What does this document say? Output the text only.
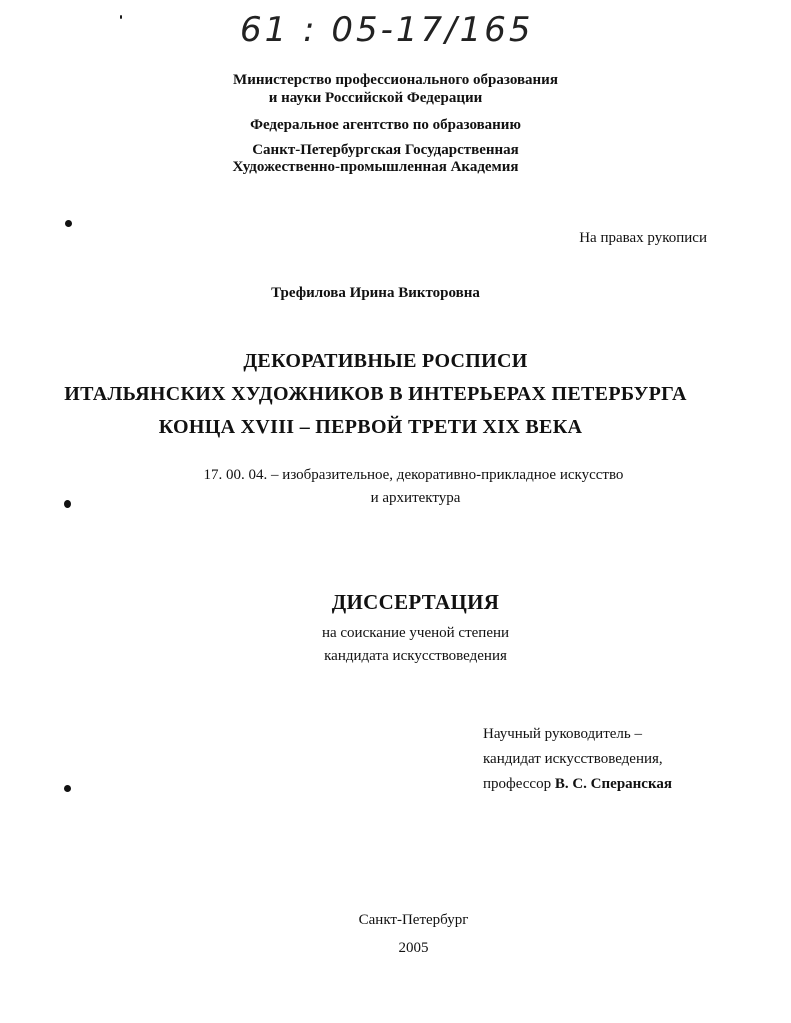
61 : 05-17/165
Министерство профессионального образования
и науки Российской Федерации
Федеральное агентство по образованию
Санкт-Петербургская Государственная
Художественно-промышленная Академия
На правах рукописи
Трефилова Ирина Викторовна
ДЕКОРАТИВНЫЕ РОСПИСИ
ИТАЛЬЯНСКИХ ХУДОЖНИКОВ В ИНТЕРЬЕРАХ ПЕТЕРБУРГА
КОНЦА XVIII – ПЕРВОЙ ТРЕТИ XIX ВЕКА
17. 00. 04. – изобразительное, декоративно-прикладное искусство
и архитектура
ДИССЕРТАЦИЯ
на соискание ученой степени
кандидата искусствоведения
Научный руководитель –
кандидат искусствоведения,
профессор В. С. Сперанская
Санкт-Петербург
2005
